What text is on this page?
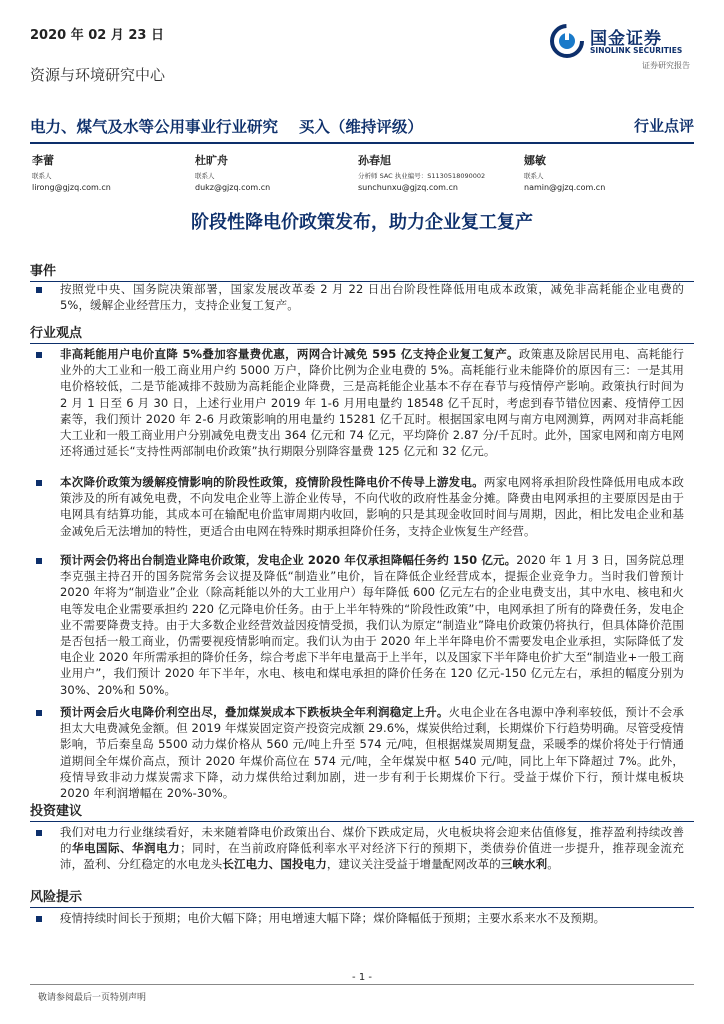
2020 年 02 月 23 日	国金证券
SINOLINK SECURITIES
证券研究报告
资源与环境研究中心
电力、煤气及水等公用事业行业研究　 买入（维持评级）	行业点评
李蕾
联系人
lirong@gjzq.com.cn
杜旷舟
联系人
dukz@gjzq.com.cn
孙春旭
分析师 SAC 执业编号：S1130518090002
sunchunxu@gjzq.com.cn
娜敏
联系人
namin@gjzq.com.cn
阶段性降电价政策发布，助力企业复工复产
事件
按照党中央、国务院决策部署，国家发展改革委 2 月 22 日出台阶段性降低用电成本政策，减免非高耗能企业电费的 5%，缓解企业经营压力，支持企业复工复产。
行业观点
非高耗能用户电价直降 5%叠加容量费优惠，两网合计减免 595 亿支持企业复工复产。政策惠及除居民用电、高耗能行业外的大工业和一般工商业用户约 5000 万户，降价比例为企业电费的 5%。高耗能行业未能降价的原因有三：一是其用电价格较低，二是节能减排不鼓励为高耗能企业降费，三是高耗能企业基本不存在春节与疫情停产影响。政策执行时间为 2 月 1 日至 6 月 30 日，上述行业用户 2019 年 1-6 月用电量约 18548 亿千瓦时，考虑到春节错位因素、疫情停工因素等，我们预计 2020 年 2-6 月政策影响的用电量约 15281 亿千瓦时。根据国家电网与南方电网测算，两网对非高耗能大工业和一般工商业用户分别减免电费支出 364 亿元和 74 亿元，平均降价 2.87 分/千瓦时。此外，国家电网和南方电网还将通过延长“支持性两部制电价政策”执行期限分别降容量费 125 亿元和 32 亿元。
本次降价政策为缓解疫情影响的阶段性政策，疫情阶段性降电价不传导上游发电。两家电网将承担阶段性降低用电成本政策涉及的所有减免电费，不向发电企业等上游企业传导，不向代收的政府性基金分摊。降费由电网承担的主要原因是由于电网具有结算功能，其成本可在输配电价监审周期内收回，影响的只是其现金收回时间与周期，因此，相比发电企业和基金减免后无法增加的特性，更适合由电网在特殊时期承担降价任务，支持企业恢复生产经营。
预计两会仍将出台制造业降电价政策，发电企业 2020 年仅承担降幅任务约 150 亿元。2020 年 1 月 3 日，国务院总理李克强主持召开的国务院常务会议提及降低“制造业”电价，旨在降低企业经营成本，提振企业竞争力。当时我们曾预计 2020 年将为“制造业”企业（除高耗能以外的大工业用户）每年降低 600 亿元左右的企业电费支出，其中水电、核电和火电等发电企业需要承担约 220 亿元降电价任务。由于上半年特殊的“阶段性政策”中，电网承担了所有的降费任务，发电企业不需要降费支持。由于大多数企业经营效益因疫情受损，我们认为原定“制造业”降电价政策仍将执行，但具体降价范围是否包括一般工商业，仍需要视疫情影响而定。我们认为由于 2020 年上半年降电价不需要发电企业承担，实际降低了发电企业 2020 年所需承担的降价任务，综合考虑下半年电量高于上半年，以及国家下半年降电价扩大至“制造业+一般工商业用户”，我们预计 2020 年下半年，水电、核电和煤电承担的降价任务在 120 亿元-150 亿元左右，承担的幅度分别为 30%、20%和 50%。
预计两会后火电降价利空出尽，叠加煤炭成本下跌板块全年利润稳定上升。火电企业在各电源中净利率较低，预计不会承担太大电费减免金额。但 2019 年煤炭固定资产投资完成额 29.6%，煤炭供给过剩，长期煤价下行趋势明确。尽管受疫情影响，节后秦皇岛 5500 动力煤价格从 560 元/吨上升至 574 元/吨，但根据煤炭周期复盘，采暖季的煤价将处于行情通道期间全年煤价高点，预计 2020 年煤价高位在 574 元/吨，全年煤炭中枢 540 元/吨，同比上年下降超过 7%。此外，疫情导致非动力煤炭需求下降，动力煤供给过剩加剧，进一步有利于长期煤价下行。受益于煤价下行，预计煤电板块 2020 年利润增幅在 20%-30%。
投资建议
我们对电力行业继续看好，未来随着降电价政策出台、煤价下跌成定局，火电板块将会迎来估值修复，推荐盈利持续改善的华电国际、华润电力；同时，在当前政府降低利率水平对经济下行的预期下，类债券价值进一步提升，推荐现金流充沛，盈利、分红稳定的水电龙头长江电力、国投电力，建议关注受益于增量配网改革的三峡水利。
风险提示
疫情持续时间长于预期；电价大幅下降；用电增速大幅下降；煤价降幅低于预期；主要水系来水不及预期。
- 1 -
敬请参阅最后一页特别声明
